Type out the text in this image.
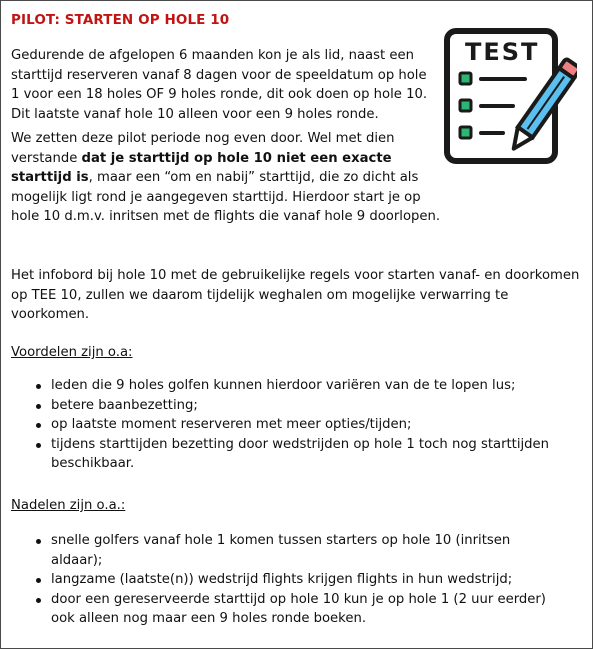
PILOT: STARTEN OP HOLE 10
TEST

Gedurende de afgelopen 6 maanden kon je als lid, naast een starttijd reserveren vanaf 8 dagen voor de speeldatum op hole 1 voor een 18 holes OF 9 holes ronde, dit ook doen op hole 10. Dit laatste vanaf hole 10 alleen voor een 9 holes ronde.

We zetten deze pilot periode nog even door. Wel met dien verstande dat je starttijd op hole 10 niet een exacte starttijd is, maar een “om en nabij” starttijd, die zo dicht als mogelijk ligt rond je aangegeven starttijd. Hierdoor start je op hole 10 d.m.v. inritsen met de flights die vanaf hole 9 doorlopen.

Het infobord bij hole 10 met de gebruikelijke regels voor starten vanaf- en doorkomen op TEE 10, zullen we daarom tijdelijk weghalen om mogelijke verwarring te voorkomen.

Voordelen zijn o.a:
leden die 9 holes golfen kunnen hierdoor variëren van de te lopen lus;
betere baanbezetting;
op laatste moment reserveren met meer opties/tijden;
tijdens starttijden bezetting door wedstrijden op hole 1 toch nog starttijden beschikbaar.
Nadelen zijn o.a.:
snelle golfers vanaf hole 1 komen tussen starters op hole 10 (inritsen aldaar);
langzame (laatste(n)) wedstrijd flights krijgen flights in hun wedstrijd;
door een gereserveerde starttijd op hole 10 kun je op hole 1 (2 uur eerder) ook alleen nog maar een 9 holes ronde boeken.
